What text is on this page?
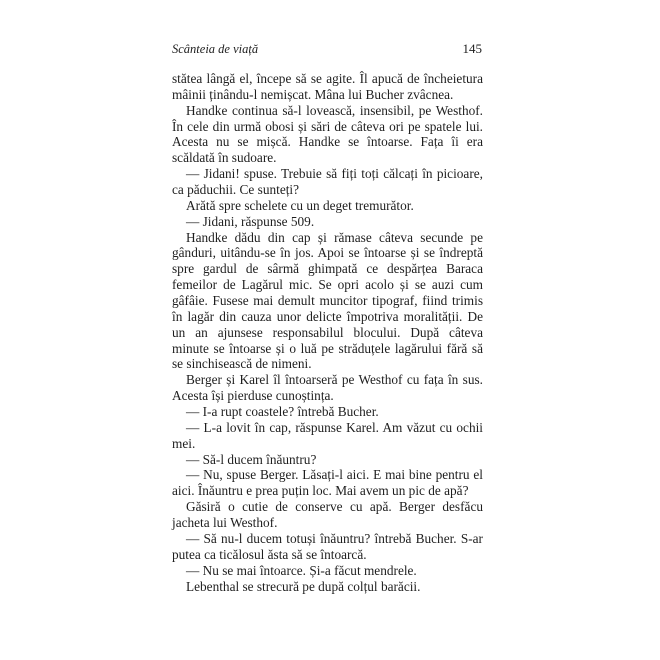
Scânteia de viață	145

stătea lângă el, începe să se agite. Îl apucă de încheietura mâinii ținându-l nemișcat. Mâna lui Bucher zvâcnea.

Handke continua să-l lovească, insensibil, pe Westhof. În cele din urmă obosi și sări de câteva ori pe spatele lui. Acesta nu se mișcă. Handke se întoarse. Fața îi era scăldată în sudoare.

— Jidani! spuse. Trebuie să fiți toți călcați în picioare, ca păduchii. Ce sunteți?

Arătă spre schelete cu un deget tremurător.

— Jidani, răspunse 509.

Handke dădu din cap și rămase câteva secunde pe gânduri, uitându-se în jos. Apoi se întoarse și se îndreptă spre gardul de sârmă ghimpată ce despărțea Baraca femeilor de Lagărul mic. Se opri acolo și se auzi cum gâfâie. Fusese mai demult muncitor tipograf, fiind trimis în lagăr din cauza unor delicte împotriva moralității. De un an ajunsese responsabilul blocului. După câteva minute se întoarse și o luă pe străduțele lagărului fără să se sinchisească de nimeni.

Berger și Karel îl întoarseră pe Westhof cu fața în sus. Acesta își pierduse cunoștința.

— I-a rupt coastele? întrebă Bucher.

— L-a lovit în cap, răspunse Karel. Am văzut cu ochii mei.

— Să-l ducem înăuntru?

— Nu, spuse Berger. Lăsați-l aici. E mai bine pentru el aici. Înăuntru e prea puțin loc. Mai avem un pic de apă?

Găsiră o cutie de conserve cu apă. Berger desfăcu jacheta lui Westhof.

— Să nu-l ducem totuși înăuntru? întrebă Bucher. S-ar putea ca ticălosul ăsta să se întoarcă.

— Nu se mai întoarce. Și-a făcut mendrele.

Lebenthal se strecură pe după colțul barăcii.
